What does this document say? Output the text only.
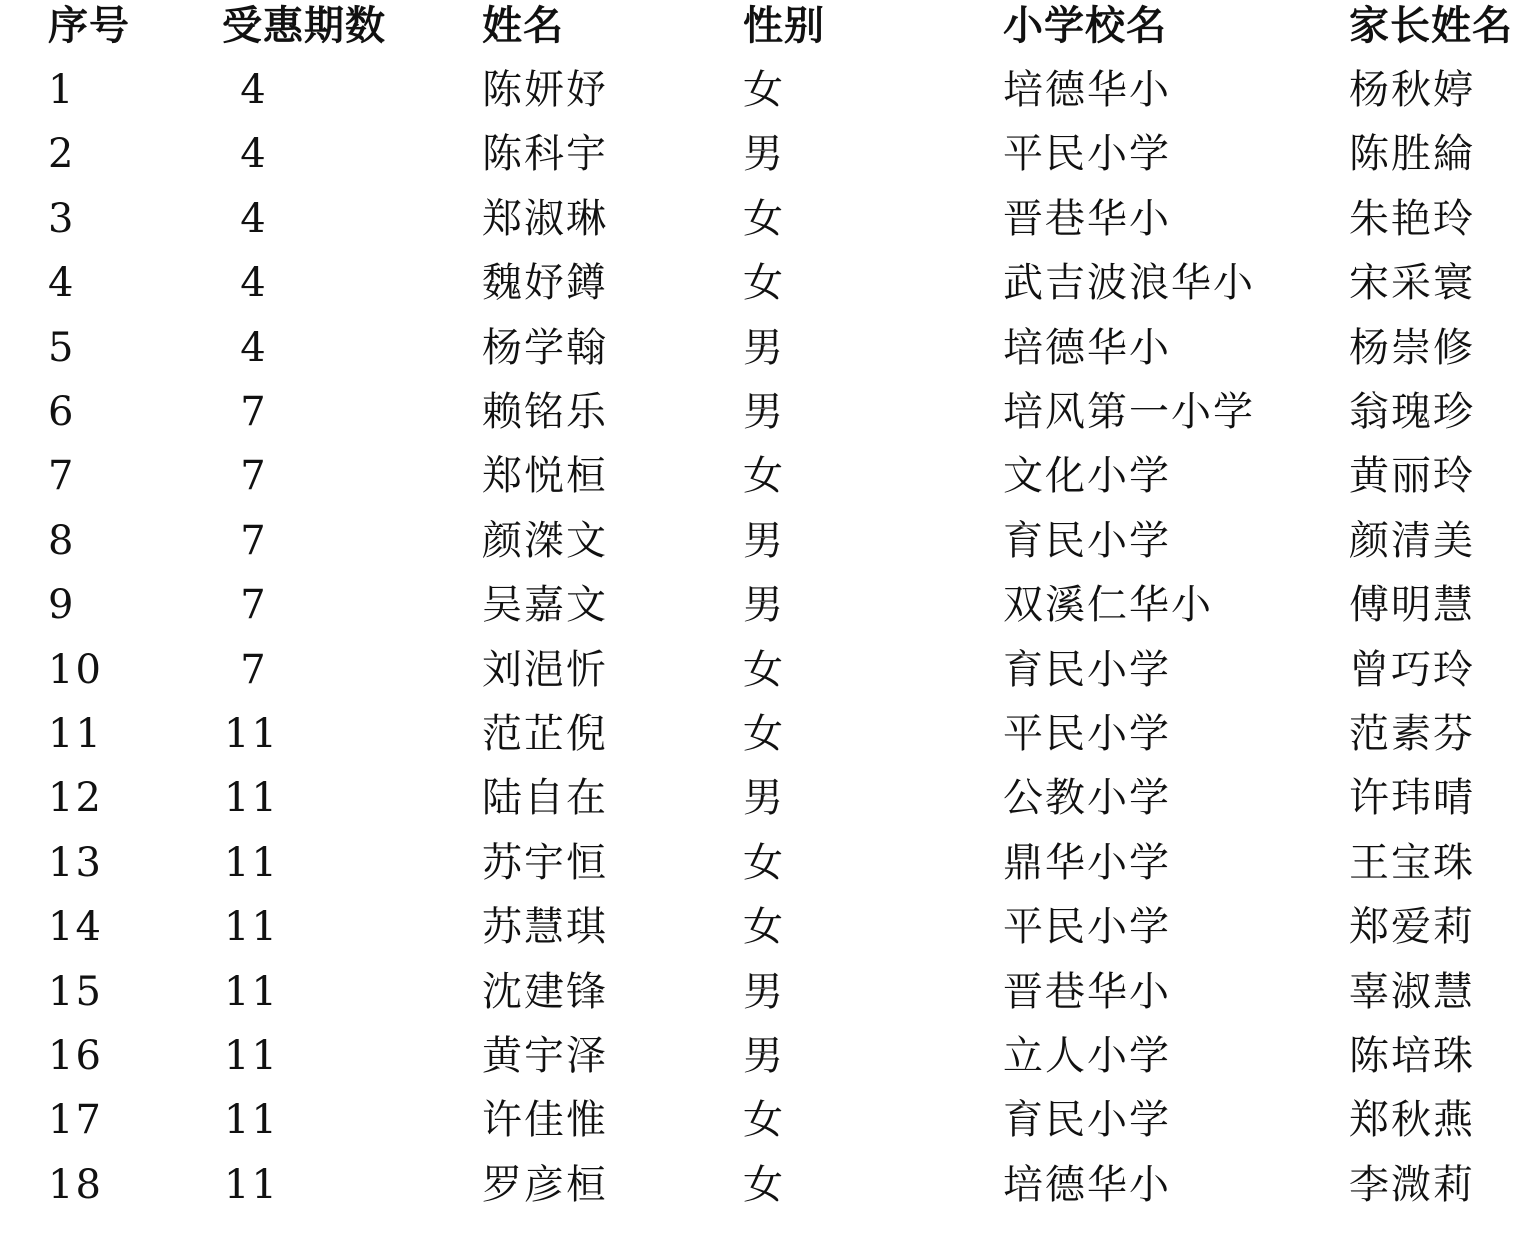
序号 受惠期数 姓名	性别	小学校名	家长姓名
1	4	陈妍妤	女	培德华小	杨秋婷
2	4	陈科宇	男	平民小学	陈胜綸
3	4	郑淑琳	女	晋巷华小	朱艳玲
4	4	魏妤鐏	女	武吉波浪华小 宋采寰
5	4	杨学翰	男	培德华小	杨崇修
6	7	赖铭乐	男	培风第一小学 翁瑰珍
7	7	郑悦桓	女	文化小学	黄丽玲
8	7	颜滐文	男	育民小学	颜清美
9	7	吴嘉文	男	双溪仁华小	傅明慧
10	7	刘浥忻	女	育民小学	曾巧玲
11	11	范芷倪	女	平民小学	范素芬
12	11	陆自在	男	公教小学	许玮晴
13	11	苏宇恒	女	鼎华小学	王宝珠
14	11	苏慧琪	女	平民小学	郑爱莉
15	11	沈建锋	男	晋巷华小	辜淑慧
16	11	黄宇泽	男	立人小学	陈培珠
17	11	许佳惟	女	育民小学	郑秋燕
18	11	罗彦桓	女	培德华小	李溦莉
